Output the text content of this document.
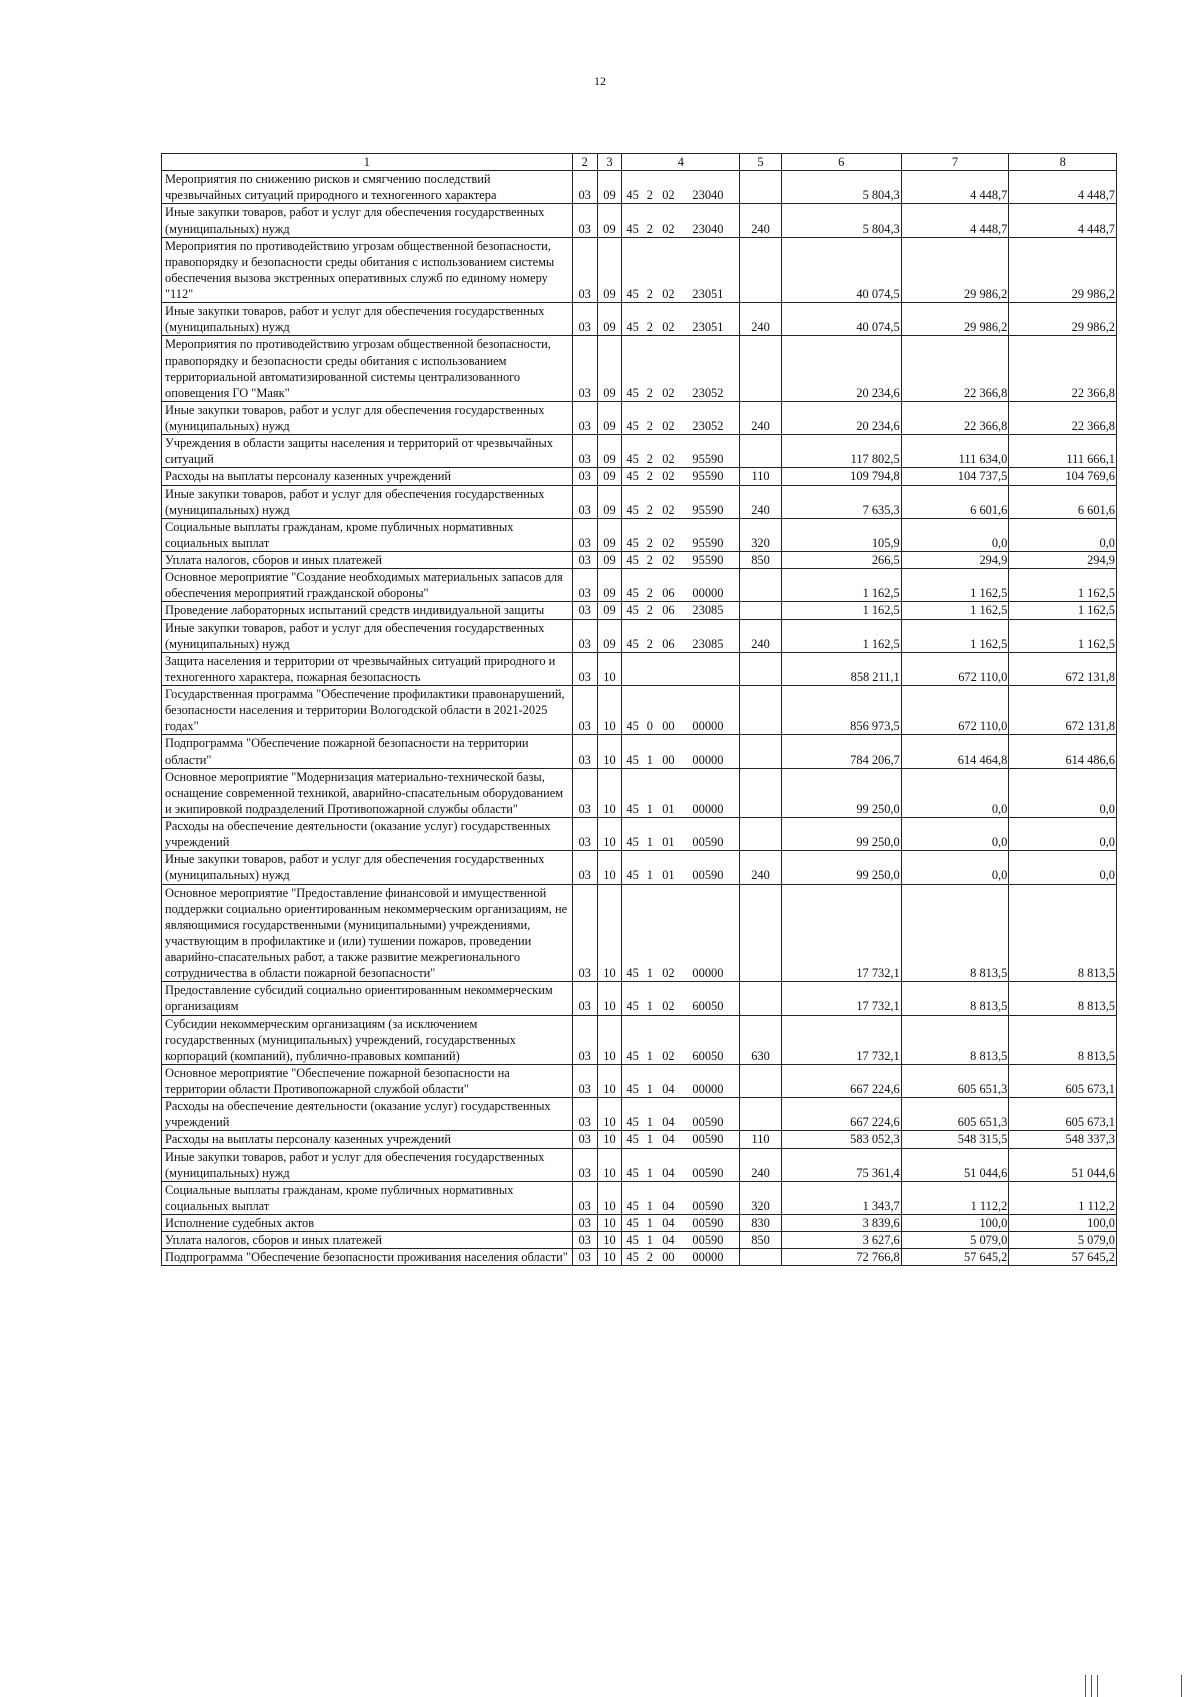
12
1	2	3	4	5	6	7	8
Мероприятия по снижению рисков и смягчению последствий чрезвычайных ситуаций природного и техногенного характера	03	09	45 2 02 23040		5 804,3	4 448,7	4 448,7
Иные закупки товаров, работ и услуг для обеспечения государственных (муниципальных) нужд	03	09	45 2 02 23040	240	5 804,3	4 448,7	4 448,7
Мероприятия по противодействию угрозам общественной безопасности, правопорядку и безопасности среды обитания с использованием системы обеспечения вызова экстренных оперативных служб по единому номеру "112"	03	09	45 2 02 23051		40 074,5	29 986,2	29 986,2
Иные закупки товаров, работ и услуг для обеспечения государственных (муниципальных) нужд	03	09	45 2 02 23051	240	40 074,5	29 986,2	29 986,2
Мероприятия по противодействию угрозам общественной безопасности, правопорядку и безопасности среды обитания с использованием территориальной автоматизированной системы централизованного оповещения ГО "Маяк"	03	09	45 2 02 23052		20 234,6	22 366,8	22 366,8
Иные закупки товаров, работ и услуг для обеспечения государственных (муниципальных) нужд	03	09	45 2 02 23052	240	20 234,6	22 366,8	22 366,8
Учреждения в области защиты населения и территорий от чрезвычайных ситуаций	03	09	45 2 02 95590		117 802,5	111 634,0	111 666,1
Расходы на выплаты персоналу казенных учреждений	03	09	45 2 02 95590	110	109 794,8	104 737,5	104 769,6
Иные закупки товаров, работ и услуг для обеспечения государственных (муниципальных) нужд	03	09	45 2 02 95590	240	7 635,3	6 601,6	6 601,6
Социальные выплаты гражданам, кроме публичных нормативных социальных выплат	03	09	45 2 02 95590	320	105,9	0,0	0,0
Уплата налогов, сборов и иных платежей	03	09	45 2 02 95590	850	266,5	294,9	294,9
Основное мероприятие "Создание необходимых материальных запасов для обеспечения мероприятий гражданской обороны"	03	09	45 2 06 00000		1 162,5	1 162,5	1 162,5
Проведение лабораторных испытаний средств индивидуальной защиты	03	09	45 2 06 23085		1 162,5	1 162,5	1 162,5
Иные закупки товаров, работ и услуг для обеспечения государственных (муниципальных) нужд	03	09	45 2 06 23085	240	1 162,5	1 162,5	1 162,5
Защита населения и территории от чрезвычайных ситуаций природного и техногенного характера, пожарная безопасность	03	10			858 211,1	672 110,0	672 131,8
Государственная программа "Обеспечение профилактики правонарушений, безопасности населения и территории Вологодской области в 2021-2025 годах"	03	10	45 0 00 00000		856 973,5	672 110,0	672 131,8
Подпрограмма "Обеспечение пожарной безопасности на территории области"	03	10	45 1 00 00000		784 206,7	614 464,8	614 486,6
Основное мероприятие "Модернизация материально-технической базы, оснащение современной техникой, аварийно-спасательным оборудованием и экипировкой подразделений Противопожарной службы области"	03	10	45 1 01 00000		99 250,0	0,0	0,0
Расходы на обеспечение деятельности (оказание услуг) государственных учреждений	03	10	45 1 01 00590		99 250,0	0,0	0,0
Иные закупки товаров, работ и услуг для обеспечения государственных (муниципальных) нужд	03	10	45 1 01 00590	240	99 250,0	0,0	0,0
Основное мероприятие "Предоставление финансовой и имущественной поддержки социально ориентированным некоммерческим организациям, не являющимися государственными (муниципальными) учреждениями, участвующим в профилактике и (или) тушении пожаров, проведении аварийно-спасательных работ, а также развитие межрегионального сотрудничества в области пожарной безопасности"	03	10	45 1 02 00000		17 732,1	8 813,5	8 813,5
Предоставление субсидий социально ориентированным некоммерческим организациям	03	10	45 1 02 60050		17 732,1	8 813,5	8 813,5
Субсидии некоммерческим организациям (за исключением государственных (муниципальных) учреждений, государственных корпораций (компаний), публично-правовых компаний)	03	10	45 1 02 60050	630	17 732,1	8 813,5	8 813,5
Основное мероприятие "Обеспечение пожарной безопасности на территории области Противопожарной службой области"	03	10	45 1 04 00000		667 224,6	605 651,3	605 673,1
Расходы на обеспечение деятельности (оказание услуг) государственных учреждений	03	10	45 1 04 00590		667 224,6	605 651,3	605 673,1
Расходы на выплаты персоналу казенных учреждений	03	10	45 1 04 00590	110	583 052,3	548 315,5	548 337,3
Иные закупки товаров, работ и услуг для обеспечения государственных (муниципальных) нужд	03	10	45 1 04 00590	240	75 361,4	51 044,6	51 044,6
Социальные выплаты гражданам, кроме публичных нормативных социальных выплат	03	10	45 1 04 00590	320	1 343,7	1 112,2	1 112,2
Исполнение судебных актов	03	10	45 1 04 00590	830	3 839,6	100,0	100,0
Уплата налогов, сборов и иных платежей	03	10	45 1 04 00590	850	3 627,6	5 079,0	5 079,0
Подпрограмма "Обеспечение безопасности проживания населения области"	03	10	45 2 00 00000		72 766,8	57 645,2	57 645,2
